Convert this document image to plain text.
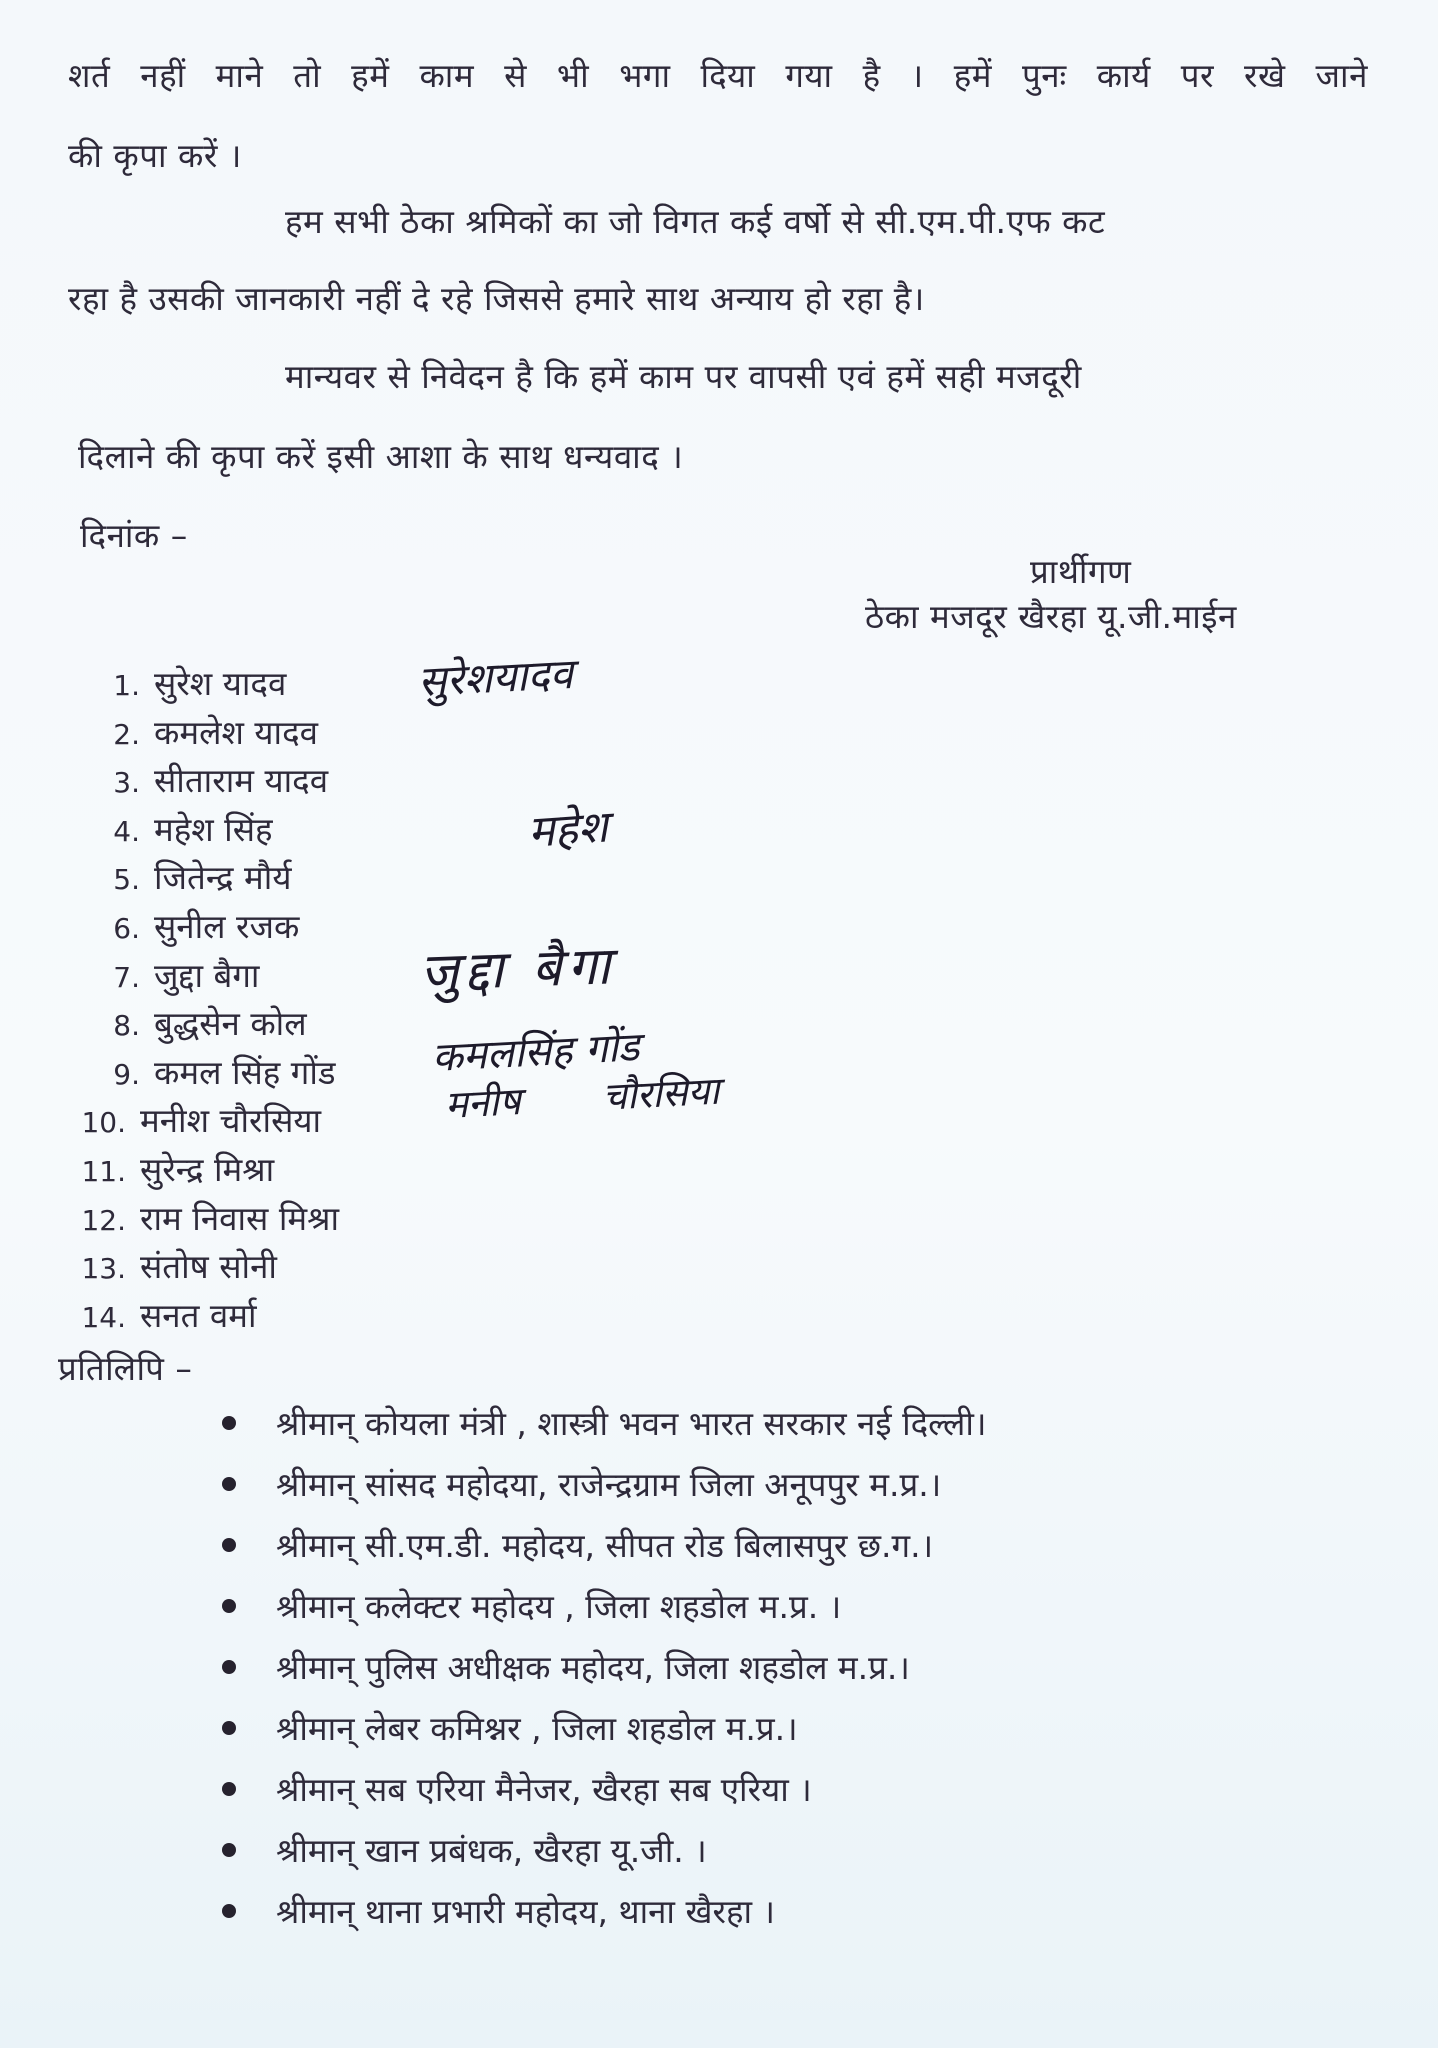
शर्त नहीं माने तो हमें काम से भी भगा दिया गया है । हमें पुनः कार्य पर रखे जाने
की कृपा करें ।
हम सभी ठेका श्रमिकों का जो विगत कई वर्षो से सी.एम.पी.एफ कट
रहा है उसकी जानकारी नहीं दे रहे जिससे हमारे साथ अन्याय हो रहा है।
मान्यवर से निवेदन है कि हमें काम पर वापसी एवं हमें सही मजदूरी
दिलाने की कृपा करें इसी आशा के साथ धन्यवाद ।
दिनांक –
प्रार्थीगण
ठेका मजदूर खैरहा यू.जी.माईन
1. सुरेश यादव
2. कमलेश यादव
3. सीताराम यादव
4. महेश सिंह
5. जितेन्द्र मौर्य
6. सुनील रजक
7. जुद्दा बैगा
8. बुद्धसेन कोल
9. कमल सिंह गोंड
10. मनीश चौरसिया
11. सुरेन्द्र मिश्रा
12. राम निवास मिश्रा
13. संतोष सोनी
14. सनत वर्मा
सुरेशयादव
महेश
जुद्दा बैगा
कमलसिंह गोंड
मनीष चौरसिया
प्रतिलिपि –
श्रीमान् कोयला मंत्री , शास्त्री भवन भारत सरकार नई दिल्ली।
श्रीमान् सांसद महोदया, राजेन्द्रग्राम जिला अनूपपुर म.प्र.।
श्रीमान् सी.एम.डी. महोदय, सीपत रोड बिलासपुर छ.ग.।
श्रीमान् कलेक्टर महोदय , जिला शहडोल म.प्र. ।
श्रीमान् पुलिस अधीक्षक महोदय, जिला शहडोल म.प्र.।
श्रीमान् लेबर कमिश्नर , जिला शहडोल म.प्र.।
श्रीमान् सब एरिया मैनेजर, खैरहा सब एरिया ।
श्रीमान् खान प्रबंधक, खैरहा यू.जी. ।
श्रीमान् थाना प्रभारी महोदय, थाना खैरहा ।
